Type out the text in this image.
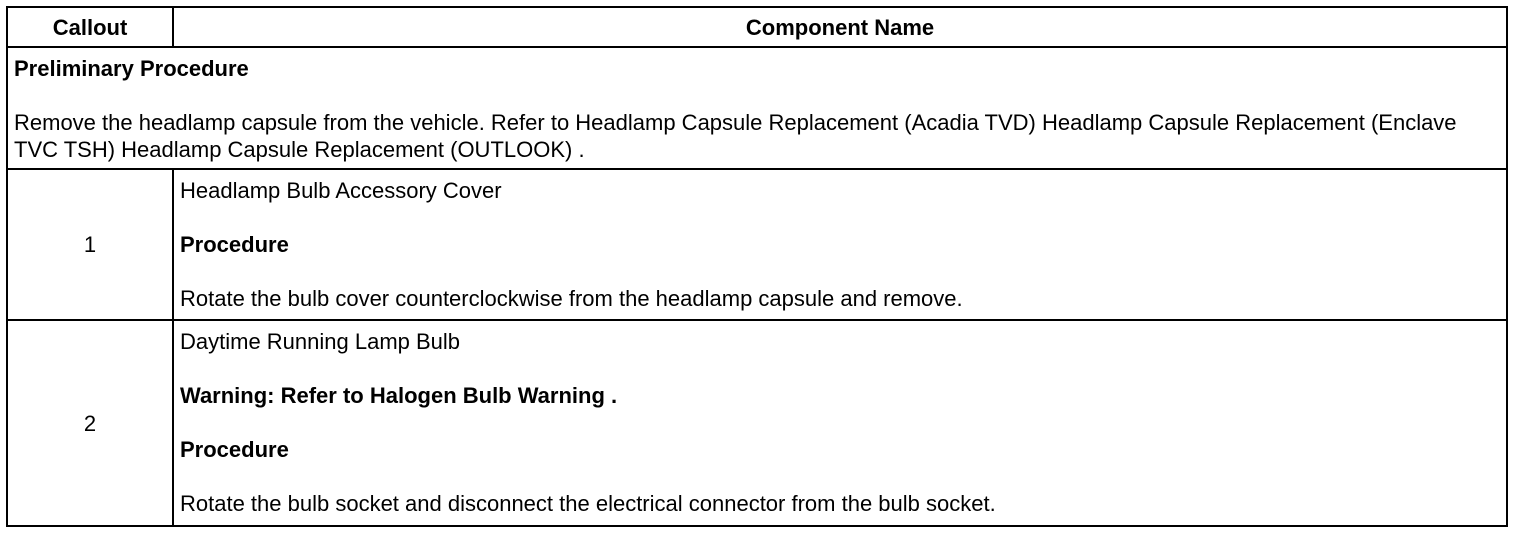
Callout	Component Name

Preliminary Procedure

Remove the headlamp capsule from the vehicle. Refer to Headlamp Capsule Replacement (Acadia TVD) Headlamp Capsule Replacement (Enclave TVC TSH) Headlamp Capsule Replacement (OUTLOOK) .	

1	Headlamp Bulb Accessory Cover

Procedure

Rotate the bulb cover counterclockwise from the headlamp capsule and remove.

2	Daytime Running Lamp Bulb

Warning: Refer to Halogen Bulb Warning .

Procedure

Rotate the bulb socket and disconnect the electrical connector from the bulb socket.
